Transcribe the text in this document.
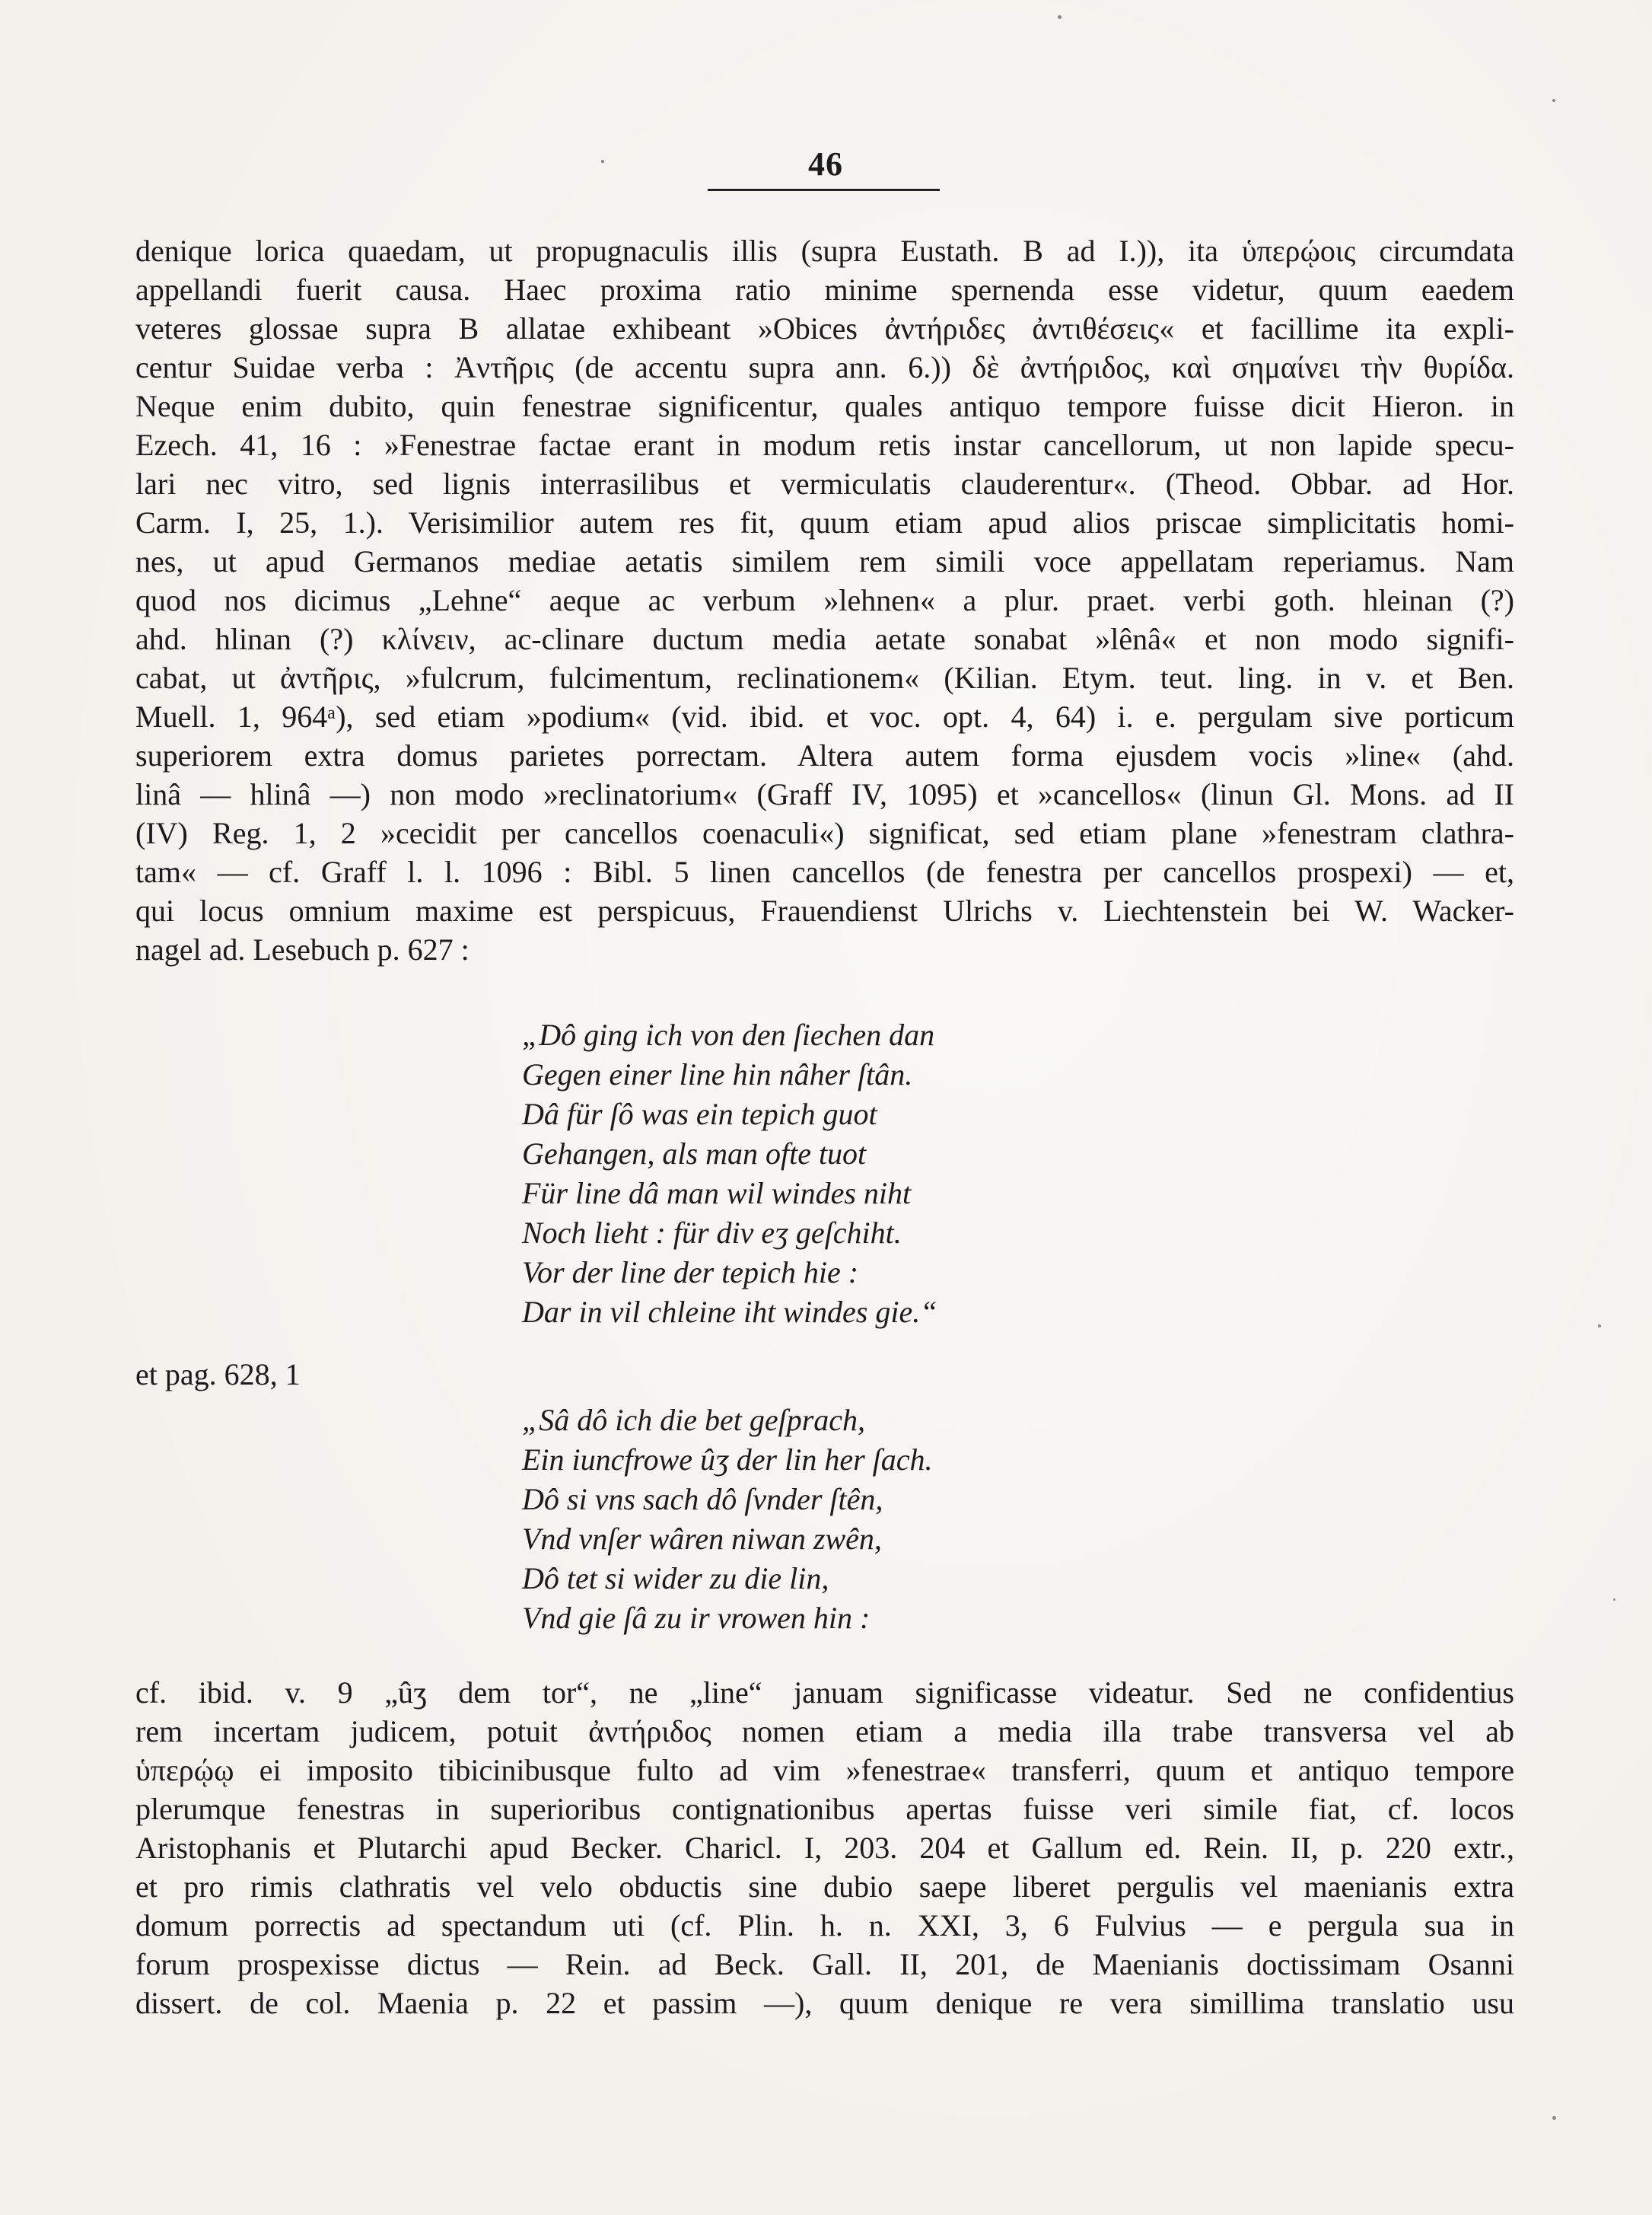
46
denique lorica quaedam, ut propugnaculis illis (supra Eustath. B ad I.)), ita ὑπερῴοις circumdata
appellandi fuerit causa. Haec proxima ratio minime spernenda esse videtur, quum eaedem
veteres glossae supra B allatae exhibeant »Obices ἀντήριδες ἀντιθέσεις« et facillime ita expli-
centur Suidae verba : Ἀντῆρις (de accentu supra ann. 6.)) δὲ ἀντήριδος, καὶ σημαίνει τὴν θυρίδα.
Neque enim dubito, quin fenestrae significentur, quales antiquo tempore fuisse dicit Hieron. in
Ezech. 41, 16 : »Fenestrae factae erant in modum retis instar cancellorum, ut non lapide specu-
lari nec vitro, sed lignis interrasilibus et vermiculatis clauderentur«. (Theod. Obbar. ad Hor.
Carm. I, 25, 1.). Verisimilior autem res fit, quum etiam apud alios priscae simplicitatis homi-
nes, ut apud Germanos mediae aetatis similem rem simili voce appellatam reperiamus. Nam
quod nos dicimus „Lehne“ aeque ac verbum »lehnen« a plur. praet. verbi goth. hleinan (?)
ahd. hlinan (?) κλίνειν, ac-clinare ductum media aetate sonabat »lênâ« et non modo signifi-
cabat, ut ἀντῆρις, »fulcrum, fulcimentum, reclinationem« (Kilian. Etym. teut. ling. in v. et Ben.
Muell. 1, 964ᵃ), sed etiam »podium« (vid. ibid. et voc. opt. 4, 64) i. e. pergulam sive porticum
superiorem extra domus parietes porrectam. Altera autem forma ejusdem vocis »line« (ahd.
linâ — hlinâ —) non modo »reclinatorium« (Graff IV, 1095) et »cancellos« (linun Gl. Mons. ad II
(IV) Reg. 1, 2 »cecidit per cancellos coenaculi«) significat, sed etiam plane »fenestram clathra-
tam« — cf. Graff l. l. 1096 : Bibl. 5 linen cancellos (de fenestra per cancellos prospexi) — et,
qui locus omnium maxime est perspicuus, Frauendienst Ulrichs v. Liechtenstein bei W. Wacker-
nagel ad. Lesebuch p. 627 :
„Dô ging ich von den ſiechen dan
Gegen einer line hin nâher ſtân.
Dâ für ſô was ein tepich guot
Gehangen, als man ofte tuot
Für line dâ man wil windes niht
Noch lieht : für div eʒ geſchiht.
Vor der line der tepich hie :
Dar in vil chleine iht windes gie.“
et pag. 628, 1
„Sâ dô ich die bet geſprach,
Ein iuncfrowe ûʒ der lin her ſach.
Dô si vns sach dô ſvnder ſtên,
Vnd vnſer wâren niwan zwên,
Dô tet si wider zu die lin,
Vnd gie ſâ zu ir vrowen hin :
cf. ibid. v. 9 „ûʒ dem tor“, ne „line“ januam significasse videatur. Sed ne confidentius
rem incertam judicem, potuit ἀντήριδος nomen etiam a media illa trabe transversa vel ab
ὑπερῴῳ ei imposito tibicinibusque fulto ad vim »fenestrae« transferri, quum et antiquo tempore
plerumque fenestras in superioribus contignationibus apertas fuisse veri simile fiat, cf. locos
Aristophanis et Plutarchi apud Becker. Charicl. I, 203. 204 et Gallum ed. Rein. II, p. 220 extr.,
et pro rimis clathratis vel velo obductis sine dubio saepe liberet pergulis vel maenianis extra
domum porrectis ad spectandum uti (cf. Plin. h. n. XXI, 3, 6 Fulvius — e pergula sua in
forum prospexisse dictus — Rein. ad Beck. Gall. II, 201, de Maenianis doctissimam Osanni
dissert. de col. Maenia p. 22 et passim —), quum denique re vera simillima translatio usu
